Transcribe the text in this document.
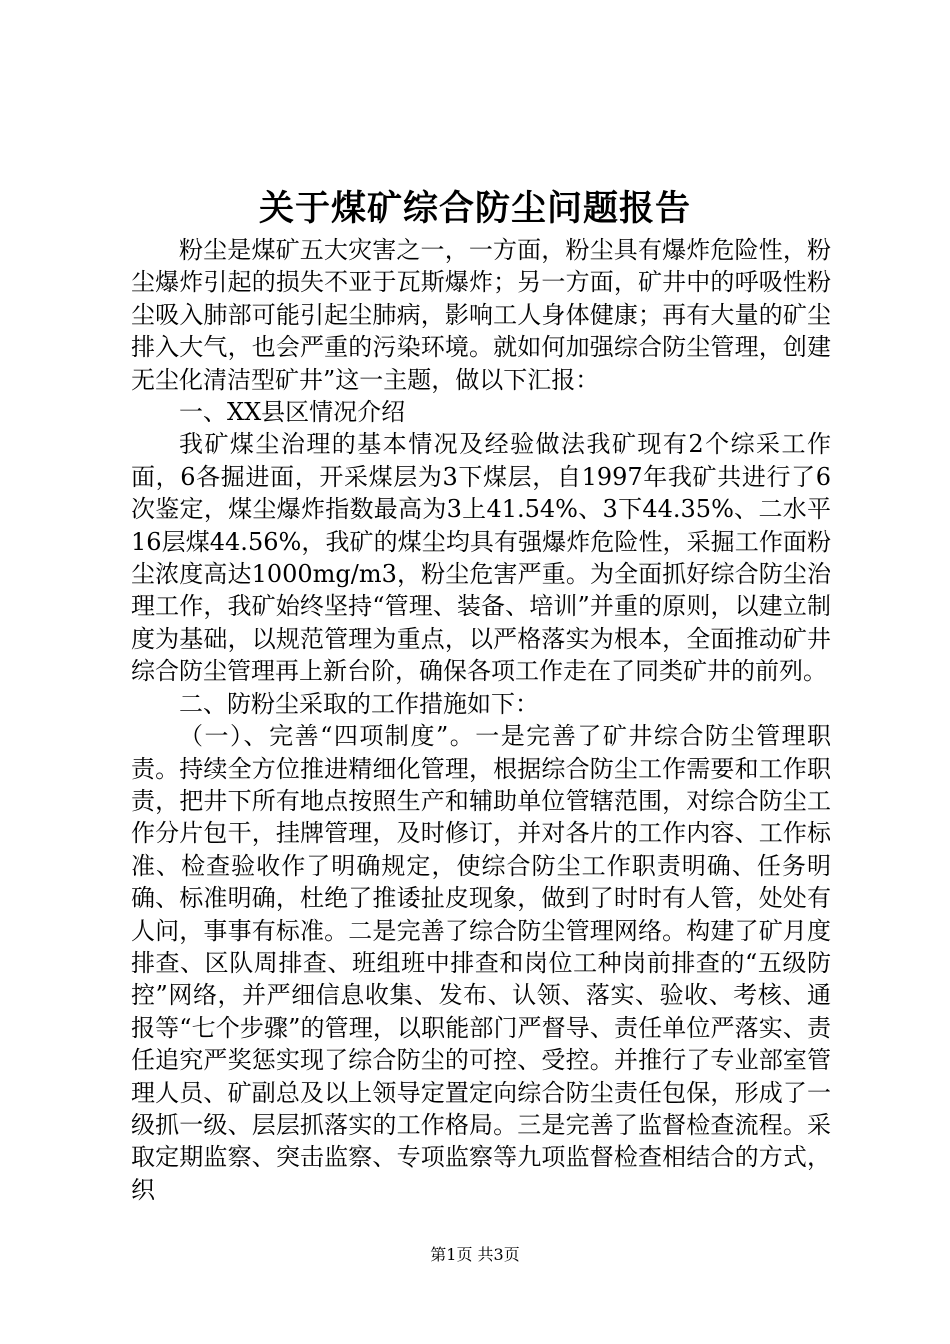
关于煤矿综合防尘问题报告

粉尘是煤矿五大灾害之一，一方面，粉尘具有爆炸危险性，粉尘爆炸引起的损失不亚于瓦斯爆炸；另一方面，矿井中的呼吸性粉尘吸入肺部可能引起尘肺病，影响工人身体健康；再有大量的矿尘排入大气，也会严重的污染环境。就如何加强综合防尘管理，创建无尘化清洁型矿井”这一主题，做以下汇报：

一、XX县区情况介绍

我矿煤尘治理的基本情况及经验做法我矿现有2个综采工作面，6各掘进面，开采煤层为3下煤层，自1997年我矿共进行了6次鉴定，煤尘爆炸指数最高为3上41.54%、3下44.35%、二水平16层煤44.56%，我矿的煤尘均具有强爆炸危险性，采掘工作面粉尘浓度高达1000mg/m3，粉尘危害严重。为全面抓好综合防尘治理工作，我矿始终坚持“管理、装备、培训”并重的原则，以建立制度为基础，以规范管理为重点，以严格落实为根本，全面推动矿井综合防尘管理再上新台阶，确保各项工作走在了同类矿井的前列。

二、防粉尘采取的工作措施如下：

（一）、完善“四项制度”。一是完善了矿井综合防尘管理职责。持续全方位推进精细化管理，根据综合防尘工作需要和工作职责，把井下所有地点按照生产和辅助单位管辖范围，对综合防尘工作分片包干，挂牌管理，及时修订，并对各片的工作内容、工作标准、检查验收作了明确规定，使综合防尘工作职责明确、任务明确、标准明确，杜绝了推诿扯皮现象，做到了时时有人管，处处有人问，事事有标准。二是完善了综合防尘管理网络。构建了矿月度排查、区队周排查、班组班中排查和岗位工种岗前排查的“五级防控”网络，并严细信息收集、发布、认领、落实、验收、考核、通报等“七个步骤”的管理，以职能部门严督导、责任单位严落实、责任追究严奖惩实现了综合防尘的可控、受控。并推行了专业部室管理人员、矿副总及以上领导定置定向综合防尘责任包保，形成了一级抓一级、层层抓落实的工作格局。三是完善了监督检查流程。采取定期监察、突击监察、专项监察等九项监督检查相结合的方式，织

第1页 共3页
